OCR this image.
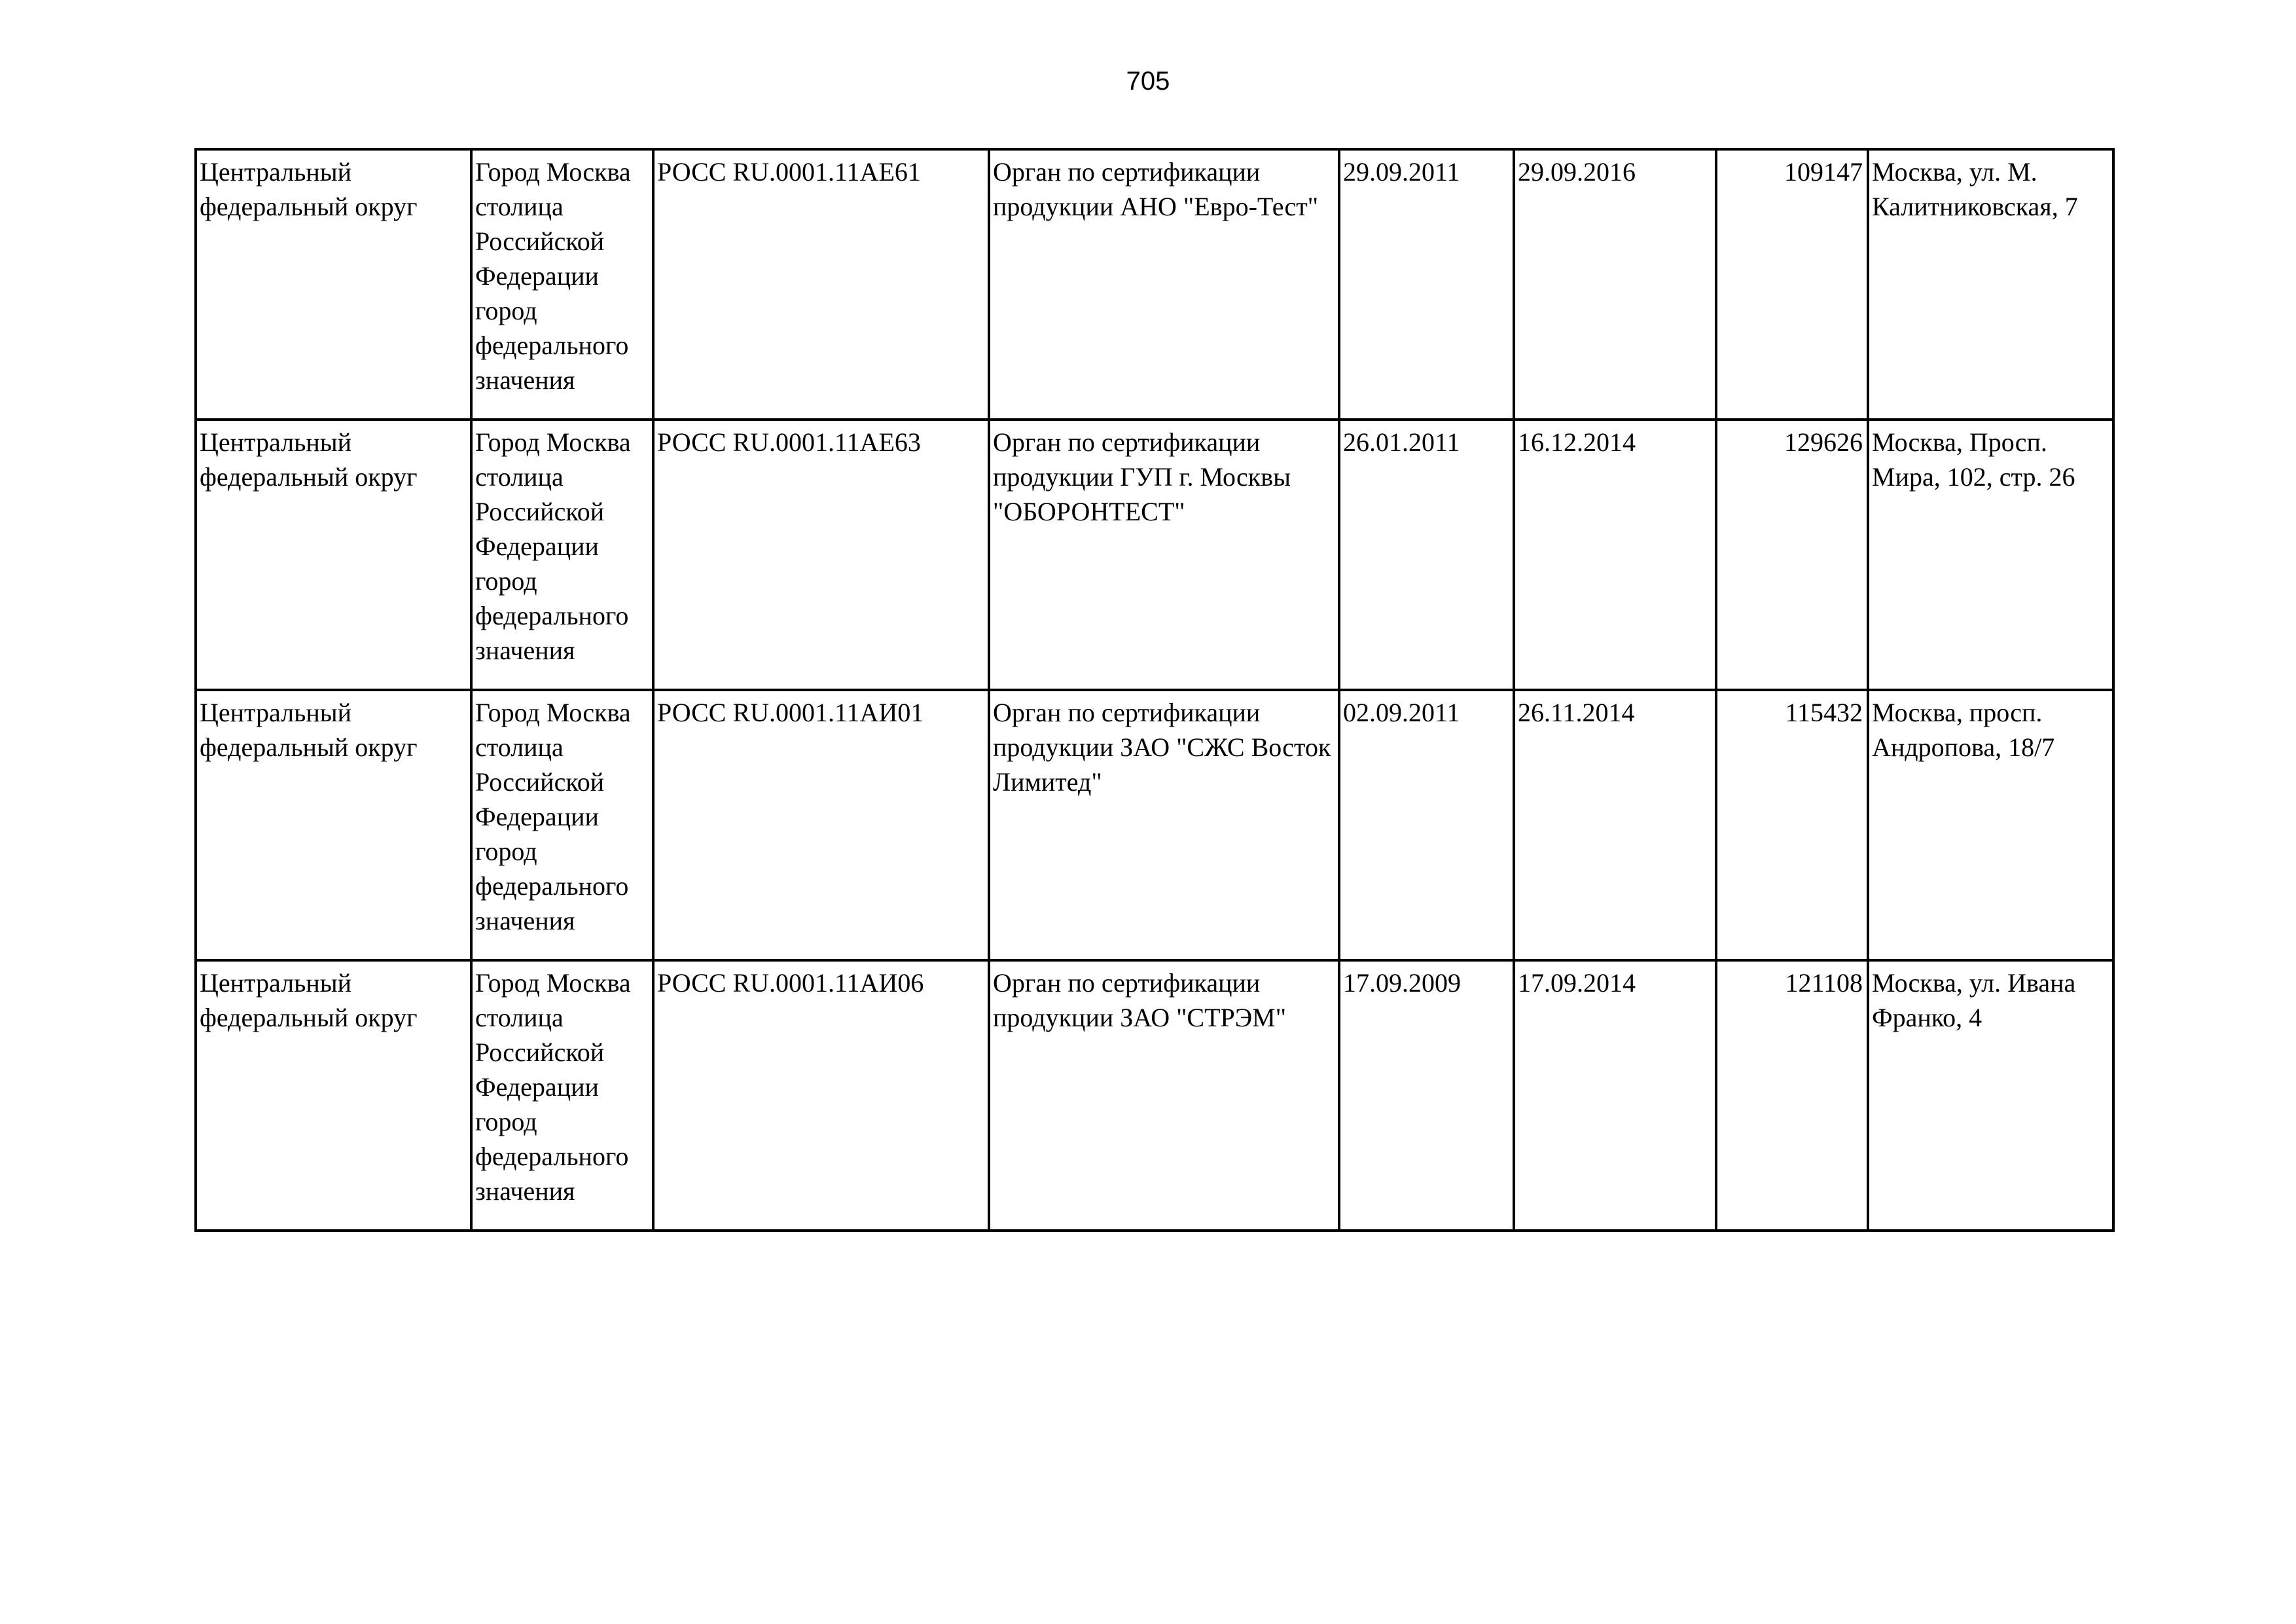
705
Центральный федеральный округ	Город Москва столица Российской Федерации город федерального значения	РОСС RU.0001.11АЕ61	Орган по сертификации продукции АНО "Евро-Тест"	29.09.2011	29.09.2016	109147	Москва, ул. М. Калитниковская, 7

Центральный федеральный округ	Город Москва столица Российской Федерации город федерального значения	РОСС RU.0001.11АЕ63	Орган по сертификации продукции ГУП г. Москвы "ОБОРОНТЕСТ"	26.01.2011	16.12.2014	129626	Москва, Просп. Мира, 102, стр. 26

Центральный федеральный округ	Город Москва столица Российской Федерации город федерального значения	РОСС RU.0001.11АИ01	Орган по сертификации продукции ЗАО "СЖС Восток Лимитед"	02.09.2011	26.11.2014	115432	Москва, просп. Андропова, 18/7

Центральный федеральный округ	Город Москва столица Российской Федерации город федерального значения	РОСС RU.0001.11АИ06	Орган по сертификации продукции ЗАО "СТРЭМ"	17.09.2009	17.09.2014	121108	Москва, ул. Ивана Франко, 4
